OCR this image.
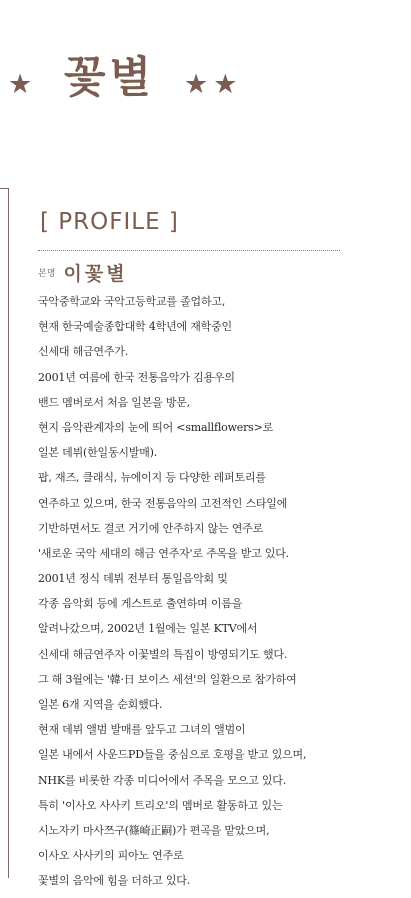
★ 꽃별 ★★
[ PROFILE ]
본명 이꽃별
국악중학교와 국악고등학교를 졸업하고,
현재 한국예술종합대학 4학년에 재학중인
신세대 해금연주가.
2001년 여름에 한국 전통음악가 김용우의
밴드 멤버로서 처음 일본을 방문,
현지 음악관계자의 눈에 띄어 <smallflowers>로
일본 데뷔(한일동시발매).
팝, 재즈, 클래식, 뉴에이지 등 다양한 레퍼토리를
연주하고 있으며, 한국 전통음악의 고전적인 스타일에
기반하면서도 결코 거기에 안주하지 않는 연주로
'새로운 국악 세대의 해금 연주자'로 주목을 받고 있다.
2001년 정식 데뷔 전부터 통일음악회 및
각종 음악회 등에 게스트로 출연하며 이름을
알려나갔으며, 2002년 1월에는 일본 KTV에서
신세대 해금연주자 이꽃별의 특집이 방영되기도 했다.
그 해 3월에는 '韓·日 보이스 세션'의 일환으로 참가하여
일본 6개 지역을 순회했다.
현재 데뷔 앨범 발매를 앞두고 그녀의 앨범이
일본 내에서 사운드PD들을 중심으로 호평을 받고 있으며,
NHK를 비롯한 각종 미디어에서 주목을 모으고 있다.
특히 '이사오 사사키 트리오'의 멤버로 활동하고 있는
시노자키 마사쯔구(篠崎正嗣)가 편곡을 맡았으며,
이사오 사사키의 피아노 연주로
꽃별의 음악에 힘을 더하고 있다.
